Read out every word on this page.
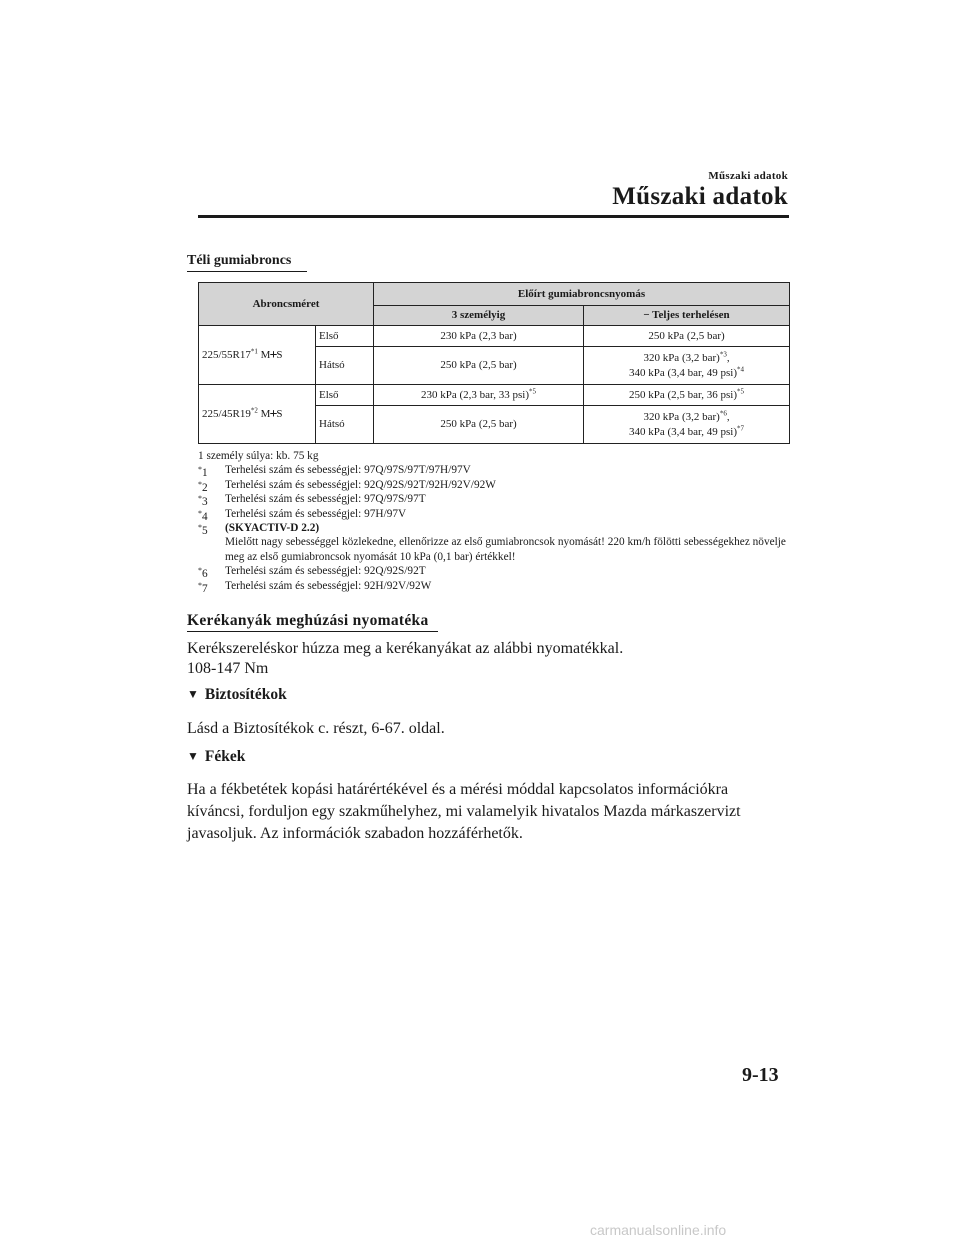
Műszaki adatok
Műszaki adatok
Téli gumiabroncs
Abroncsméret		Előírt gumiabroncsnyomás	
		3 személyig	− Teljes terhelésen
225/55R17$^{*1}$ M+S	Első	230 kPa (2,3 bar)	250 kPa (2,5 bar)
	Hátsó	250 kPa (2,5 bar)	320 kPa (3,2 bar)$^{*3}$,
340 kPa (3,4 bar, 49 psi)$^{*4}$
225/45R19$^{*2}$ M+S	Első	230 kPa (2,3 bar, 33 psi)$^{*5}$	250 kPa (2,5 bar, 36 psi)$^{*5}$
	Hátsó	250 kPa (2,5 bar)	320 kPa (3,2 bar)$^{*6}$,
340 kPa (3,4 bar, 49 psi)$^{*7}$
1 személy súlya: kb. 75 kg
*1 Terhelési szám és sebességjel: 97Q/97S/97T/97H/97V
*2 Terhelési szám és sebességjel: 92Q/92S/92T/92H/92V/92W
*3 Terhelési szám és sebességjel: 97Q/97S/97T
*4 Terhelési szám és sebességjel: 97H/97V
*5 (SKYACTIV-D 2.2)
Mielőtt nagy sebességgel közlekedne, ellenőrizze az első gumiabroncsok nyomását! 220 km/h fölötti sebességekhez növelje meg az első gumiabroncsok nyomását 10 kPa (0,1 bar) értékkel!
*6 Terhelési szám és sebességjel: 92Q/92S/92T
*7 Terhelési szám és sebességjel: 92H/92V/92W
Kerékanyák meghúzási nyomatéka
Kerékszereléskor húzza meg a kerékanyákat az alábbi nyomatékkal.
108-147 Nm
▼ Biztosítékok
Lásd a Biztosítékok c. részt, 6-67. oldal.
▼ Fékek
Ha a fékbetétek kopási határértékével és a mérési móddal kapcsolatos információkra kíváncsi, forduljon egy szakműhelyhez, mi valamelyik hivatalos Mazda márkaszervizt javasoljuk. Az információk szabadon hozzáférhetők.
9-13
carmanualsonline.info
